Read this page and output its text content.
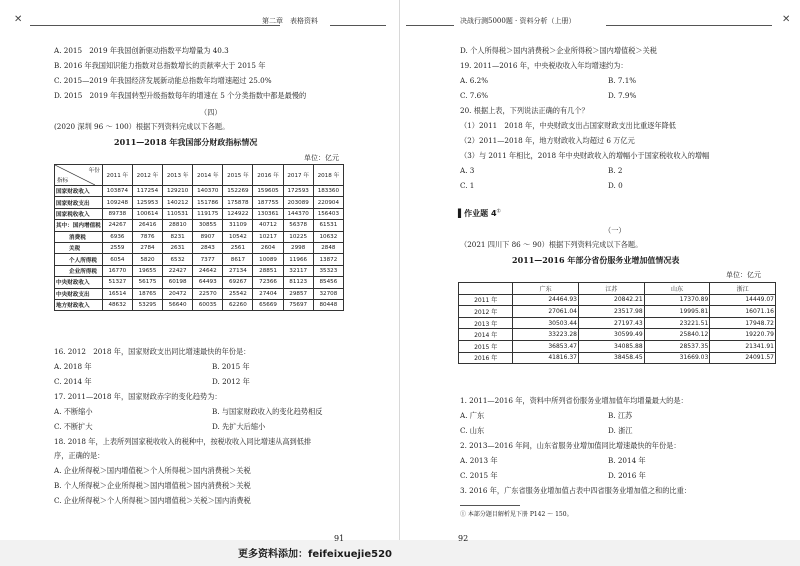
✕	第二章　表格资料
A. 2015　2019 年我国创新驱动指数平均增量为 40.3
B. 2016 年我国知识能力指数对总指数增长的贡献率大于 2015 年
C. 2015—2019 年我国经济发展新动能总指数年均增速超过 25.0%
D. 2015　2019 年我国转型升级指数每年的增速在 5 个分类指数中都是最慢的
（四）
(2020 深圳 96 ～ 100）根据下列资料完成以下各题。
2011—2018 年我国部分财政指标情况
单位：亿元
年份
指标	2011 年	2012 年	2013 年	2014 年	2015 年	2016 年	2017 年	2018 年
国家财政收入	103874	117254	129210	140370	152269	159605	172593	183360
国家财政支出	109248	125953	140212	151786	175878	187755	203089	220904
国家税收收入	89738	100614	110531	119175	124922	130361	144370	156403
其中：国内增值税	24267	26416	28810	30855	31109	40712	56378	61531
消费税	6936	7876	8231	8907	10542	10217	10225	10632
关税	2559	2784	2631	2843	2561	2604	2998	2848
个人所得税	6054	5820	6532	7377	8617	10089	11966	13872
企业所得税	16770	19655	22427	24642	27134	28851	32117	35323
中央财政收入	51327	56175	60198	64493	69267	72366	81123	85456
中央财政支出	16514	18765	20472	22570	25542	27404	29857	32708
地方财政收入	48632	53295	56640	60035	62260	65669	75697	80448
16. 2012　2018 年，国家财政支出同比增速最快的年份是：
A. 2018 年	B. 2015 年
C. 2014 年	D. 2012 年
17. 2011—2018 年，国家财政赤字的变化趋势为：
A. 不断缩小	B. 与国家财政收入的变化趋势相反
C. 不断扩大	D. 先扩大后缩小
18. 2018 年，上表所列国家税收收入的税种中，按税收收入同比增速从高到低排
序，正确的是：
A. 企业所得税＞国内增值税＞个人所得税＞国内消费税＞关税
B. 个人所得税＞企业所得税＞国内增值税＞国内消费税＞关税
C. 企业所得税＞个人所得税＞国内增值税＞关税＞国内消费税
91
决战行测5000题 · 资料分析（上册）	✕
D. 个人所得税＞国内消费税＞企业所得税＞国内增值税＞关税
19. 2011—2016 年，中央税收收入年均增速约为：
A. 6.2%	B. 7.1%
C. 7.6%	D. 7.9%
20. 根据上表，下列说法正确的有几个？
（1）2011　2018 年，中央财政支出占国家财政支出比重逐年降低
（2）2011—2018 年，地方财政收入均超过 6 万亿元
（3）与 2011 年相比，2018 年中央财政收入的增幅小于国家税收收入的增幅
A. 3	B. 2
C. 1	D. 0
▌作业题 4①
（一）
（2021 四川下 86 ～ 90）根据下列资料完成以下各题。
2011—2016 年部分省份服务业增加值情况表
单位：亿元
	广东	江苏	山东	浙江
2011 年	24464.93	20842.21	17370.89	14449.07
2012 年	27061.04	23517.98	19995.81	16071.16
2013 年	30503.44	27197.43	23221.51	17948.72
2014 年	33223.28	30599.49	25840.12	19220.79
2015 年	36853.47	34085.88	28537.35	21341.91
2016 年	41816.37	38458.45	31669.03	24091.57
1. 2011—2016 年，资料中所列省份服务业增加值年均增量最大的是：
A. 广东	B. 江苏
C. 山东	D. 浙江
2. 2013—2016 年间，山东省服务业增加值同比增速最快的年份是：
A. 2013 年	B. 2014 年
C. 2015 年	D. 2016 年
3. 2016 年，广东省服务业增加值占表中四省服务业增加值之和的比重：
① 本部分题目解析见下册 P142 ～ 150。
92
更多资料添加：feifeixuejie520
